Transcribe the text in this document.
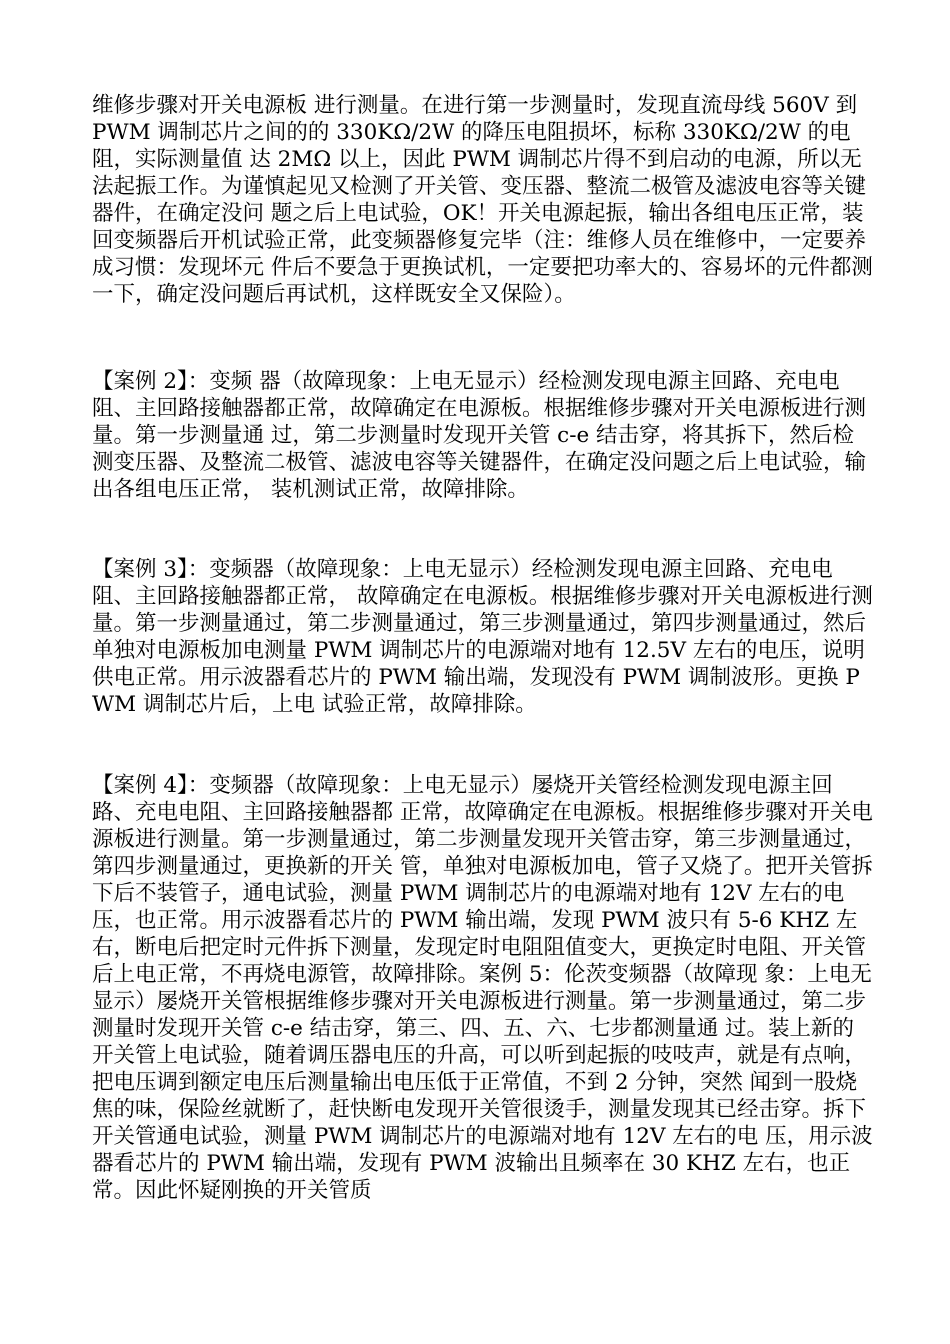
维修步骤对开关电源板 进行测量。在进行第一步测量时，发现直流母线 560V 到 PWM 调制芯片之间的的 330KΩ/2W 的降压电阻损坏，标称 330KΩ/2W 的电阻，实际测量值 达 2MΩ 以上，因此 PWM 调制芯片得不到启动的电源，所以无法起振工作。为谨慎起见又检测了开关管、变压器、整流二极管及滤波电容等关键器件，在确定没问 题之后上电试验，OK！开关电源起振，输出各组电压正常，装回变频器后开机试验正常，此变频器修复完毕（注：维修人员在维修中，一定要养成习惯：发现坏元 件后不要急于更换试机，一定要把功率大的、容易坏的元件都测一下，确定没问题后再试机，这样既安全又保险）。

【案例 2】：变频 器（故障现象：上电无显示）经检测发现电源主回路、充电电阻、主回路接触器都正常，故障确定在电源板。根据维修步骤对开关电源板进行测量。第一步测量通 过，第二步测量时发现开关管 c-e 结击穿，将其拆下，然后检测变压器、及整流二极管、滤波电容等关键器件，在确定没问题之后上电试验，输出各组电压正常， 装机测试正常，故障排除。

【案例 3】：变频器（故障现象：上电无显示）经检测发现电源主回路、充电电阻、主回路接触器都正常， 故障确定在电源板。根据维修步骤对开关电源板进行测量。第一步测量通过，第二步测量通过，第三步测量通过，第四步测量通过，然后单独对电源板加电测量 PWM 调制芯片的电源端对地有 12.5V 左右的电压，说明供电正常。用示波器看芯片的 PWM 输出端，发现没有 PWM 调制波形。更换 PWM 调制芯片后，上电 试验正常，故障排除。

【案例 4】：变频器（故障现象：上电无显示）屡烧开关管经检测发现电源主回路、充电电阻、主回路接触器都 正常，故障确定在电源板。根据维修步骤对开关电源板进行测量。第一步测量通过，第二步测量发现开关管击穿，第三步测量通过，第四步测量通过，更换新的开关 管，单独对电源板加电，管子又烧了。把开关管拆下后不装管子，通电试验，测量 PWM 调制芯片的电源端对地有 12V 左右的电压，也正常。用示波器看芯片的 PWM 输出端，发现 PWM 波只有 5-6 KHZ 左右，断电后把定时元件拆下测量，发现定时电阻阻值变大，更换定时电阻、开关管后上电正常，不再烧电源管，故障排除。案例 5：伦茨变频器（故障现 象：上电无显示）屡烧开关管根据维修步骤对开关电源板进行测量。第一步测量通过，第二步测量时发现开关管 c-e 结击穿，第三、四、五、六、七步都测量通 过。装上新的开关管上电试验，随着调压器电压的升高，可以听到起振的吱吱声，就是有点响，把电压调到额定电压后测量输出电压低于正常值，不到 2 分钟，突然 闻到一股烧焦的味，保险丝就断了，赶快断电发现开关管很烫手，测量发现其已经击穿。拆下开关管通电试验，测量 PWM 调制芯片的电源端对地有 12V 左右的电 压，用示波器看芯片的 PWM 输出端，发现有 PWM 波输出且频率在 30 KHZ 左右，也正常。因此怀疑刚换的开关管质
